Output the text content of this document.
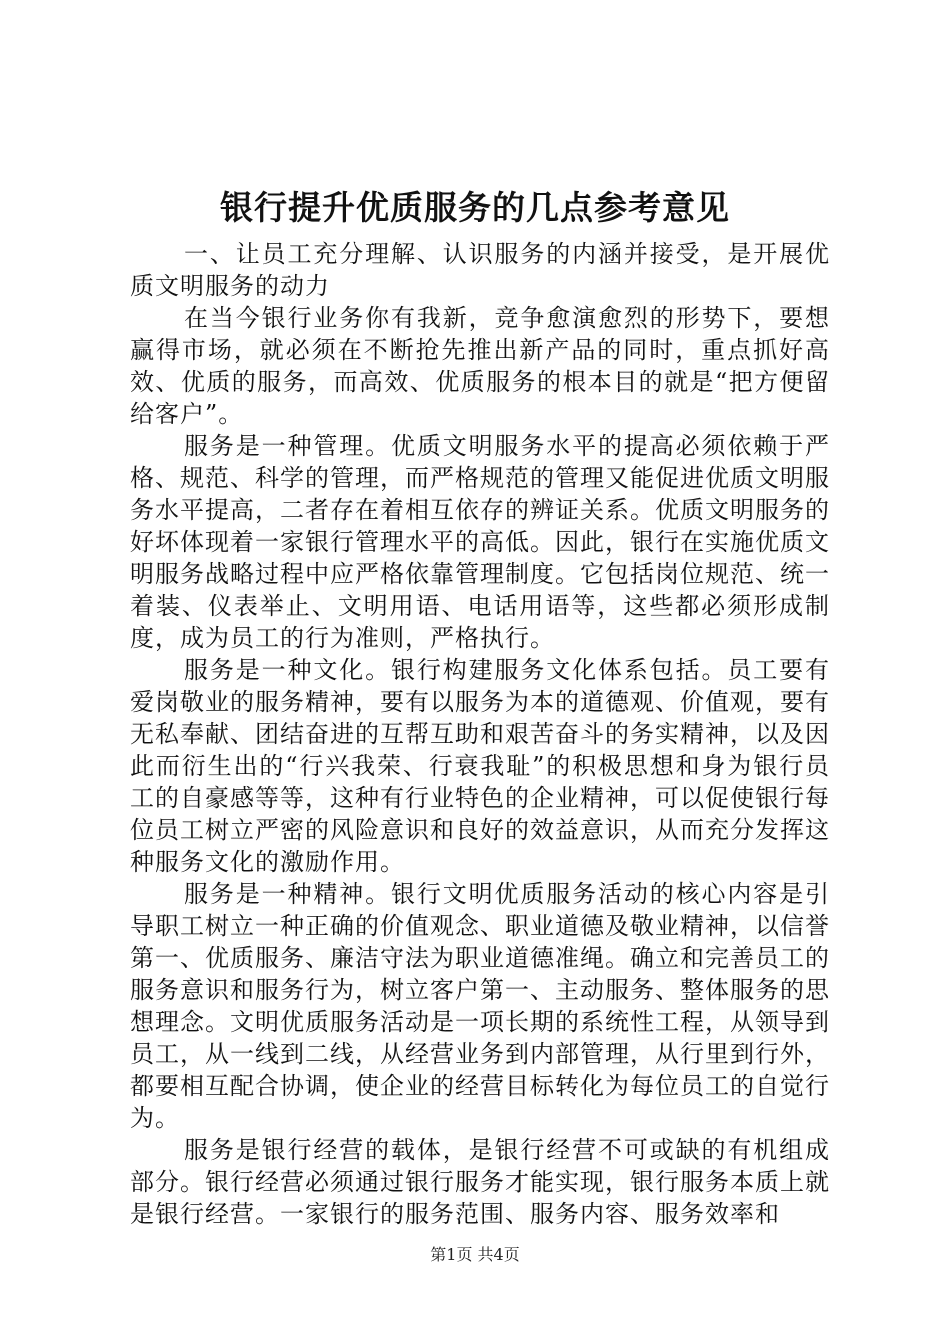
银行提升优质服务的几点参考意见

一、让员工充分理解、认识服务的内涵并接受，是开展优质文明服务的动力

在当今银行业务你有我新，竞争愈演愈烈的形势下，要想赢得市场，就必须在不断抢先推出新产品的同时，重点抓好高效、优质的服务，而高效、优质服务的根本目的就是“把方便留给客户”。

服务是一种管理。优质文明服务水平的提高必须依赖于严格、规范、科学的管理，而严格规范的管理又能促进优质文明服务水平提高，二者存在着相互依存的辨证关系。优质文明服务的好坏体现着一家银行管理水平的高低。因此，银行在实施优质文明服务战略过程中应严格依靠管理制度。它包括岗位规范、统一着装、仪表举止、文明用语、电话用语等，这些都必须形成制度，成为员工的行为准则，严格执行。

服务是一种文化。银行构建服务文化体系包括。员工要有爱岗敬业的服务精神，要有以服务为本的道德观、价值观，要有无私奉献、团结奋进的互帮互助和艰苦奋斗的务实精神，以及因此而衍生出的“行兴我荣、行衰我耻”的积极思想和身为银行员工的自豪感等等，这种有行业特色的企业精神，可以促使银行每位员工树立严密的风险意识和良好的效益意识，从而充分发挥这种服务文化的激励作用。

服务是一种精神。银行文明优质服务活动的核心内容是引导职工树立一种正确的价值观念、职业道德及敬业精神，以信誉第一、优质服务、廉洁守法为职业道德准绳。确立和完善员工的服务意识和服务行为，树立客户第一、主动服务、整体服务的思想理念。文明优质服务活动是一项长期的系统性工程，从领导到员工，从一线到二线，从经营业务到内部管理，从行里到行外，都要相互配合协调，使企业的经营目标转化为每位员工的自觉行为。

服务是银行经营的载体，是银行经营不可或缺的有机组成部分。银行经营必须通过银行服务才能实现，银行服务本质上就是银行经营。一家银行的服务范围、服务内容、服务效率和

第1页 共4页
